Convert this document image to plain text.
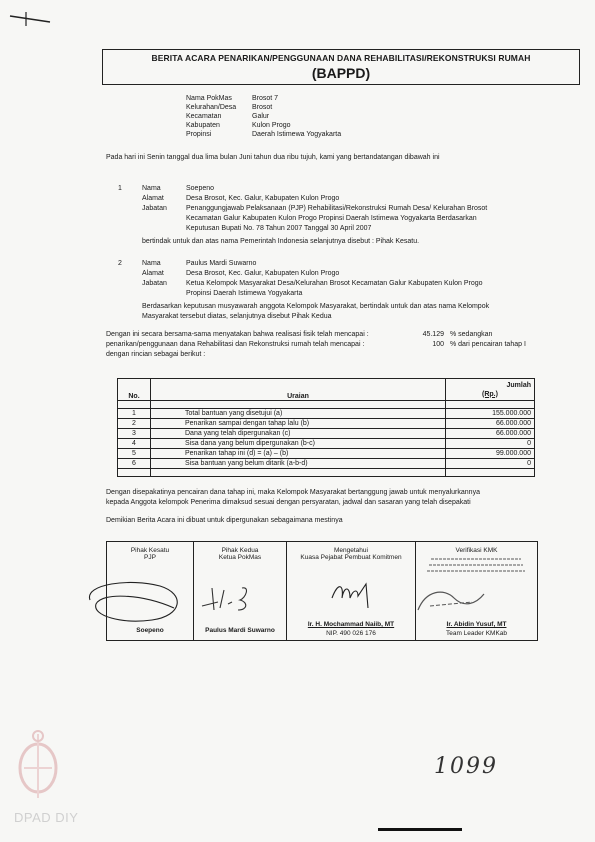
BERITA ACARA PENARIKAN/PENGGUNAAN DANA REHABILITASI/REKONSTRUKSI RUMAH
(BAPPD)
Nama PokMas	Brosot 7
Kelurahan/Desa	Brosot
Kecamatan	Galur
Kabupaten	Kulon Progo
Propinsi	Daerah Istimewa Yogyakarta
Pada hari ini Senin tanggal dua lima bulan Juni tahun dua ribu tujuh, kami yang bertandatangan dibawah ini
1	Nama	Soepeno
Alamat	Desa Brosot, Kec. Galur, Kabupaten Kulon Progo
Jabatan	Penanggungjawab Pelaksanaan (PJP) Rehabilitasi/Rekonstruksi Rumah Desa/ Kelurahan Brosot
Kecamatan Galur Kabupaten Kulon Progo Propinsi Daerah Istimewa Yogyakarta Berdasarkan
Keputusan Bupati No. 78 Tahun 2007 Tanggal 30 April 2007
bertindak untuk dan atas nama Pemerintah Indonesia selanjutnya disebut : Pihak Kesatu.
2	Nama	Paulus Mardi Suwarno
Alamat	Desa Brosot, Kec. Galur, Kabupaten Kulon Progo
Jabatan	Ketua Kelompok Masyarakat Desa/Kelurahan Brosot Kecamatan Galur Kabupaten Kulon Progo
Propinsi Daerah Istimewa Yogyakarta
Berdasarkan keputusan musyawarah anggota Kelompok Masyarakat, bertindak untuk dan atas nama Kelompok
Masyarakat tersebut diatas, selanjutnya disebut Pihak Kedua
Dengan ini secara bersama-sama menyatakan bahwa realisasi fisik telah mencapai :	45.129 % sedangkan
penarikan/penggunaan dana Rehabilitasi dan Rekonstruksi rumah telah mencapai :	100 % dari pencairan tahap I
dengan rincian sebagai berikut :
No.	Uraian	Jumlah
(Rp.)

1	Total bantuan yang disetujui (a)	155.000.000
2	Penarikan sampai dengan tahap lalu (b)	66.000.000
3	Dana yang telah dipergunakan (c)	66.000.000
4	Sisa dana yang belum dipergunakan (b-c)	0
5	Penarikan tahap ini (d) = (a) – (b)	99.000.000
6	Sisa bantuan yang belum ditarik (a-b-d)	0

Dengan disepakatinya pencairan dana tahap ini, maka Kelompok Masyarakat bertanggung jawab untuk menyalurkannya
kepada Anggota kelompok Penerima dimaksud sesuai dengan persyaratan, jadwal dan sasaran yang telah disepakati
Demikian Berita Acara ini dibuat untuk dipergunakan sebagaimana mestinya
Pihak Kesatu
PJP
Soepeno

Pihak Kedua
Ketua PokMas
Paulus Mardi Suwarno

Mengetahui
Kuasa Pejabat Pembuat Komitmen
Ir. H. Mochammad Naiib, MT
NIP. 490 026 176

Verifikasi KMK
Ir. Abidin Yusuf, MT
Team Leader KMKab
1099
DPAD DIY
